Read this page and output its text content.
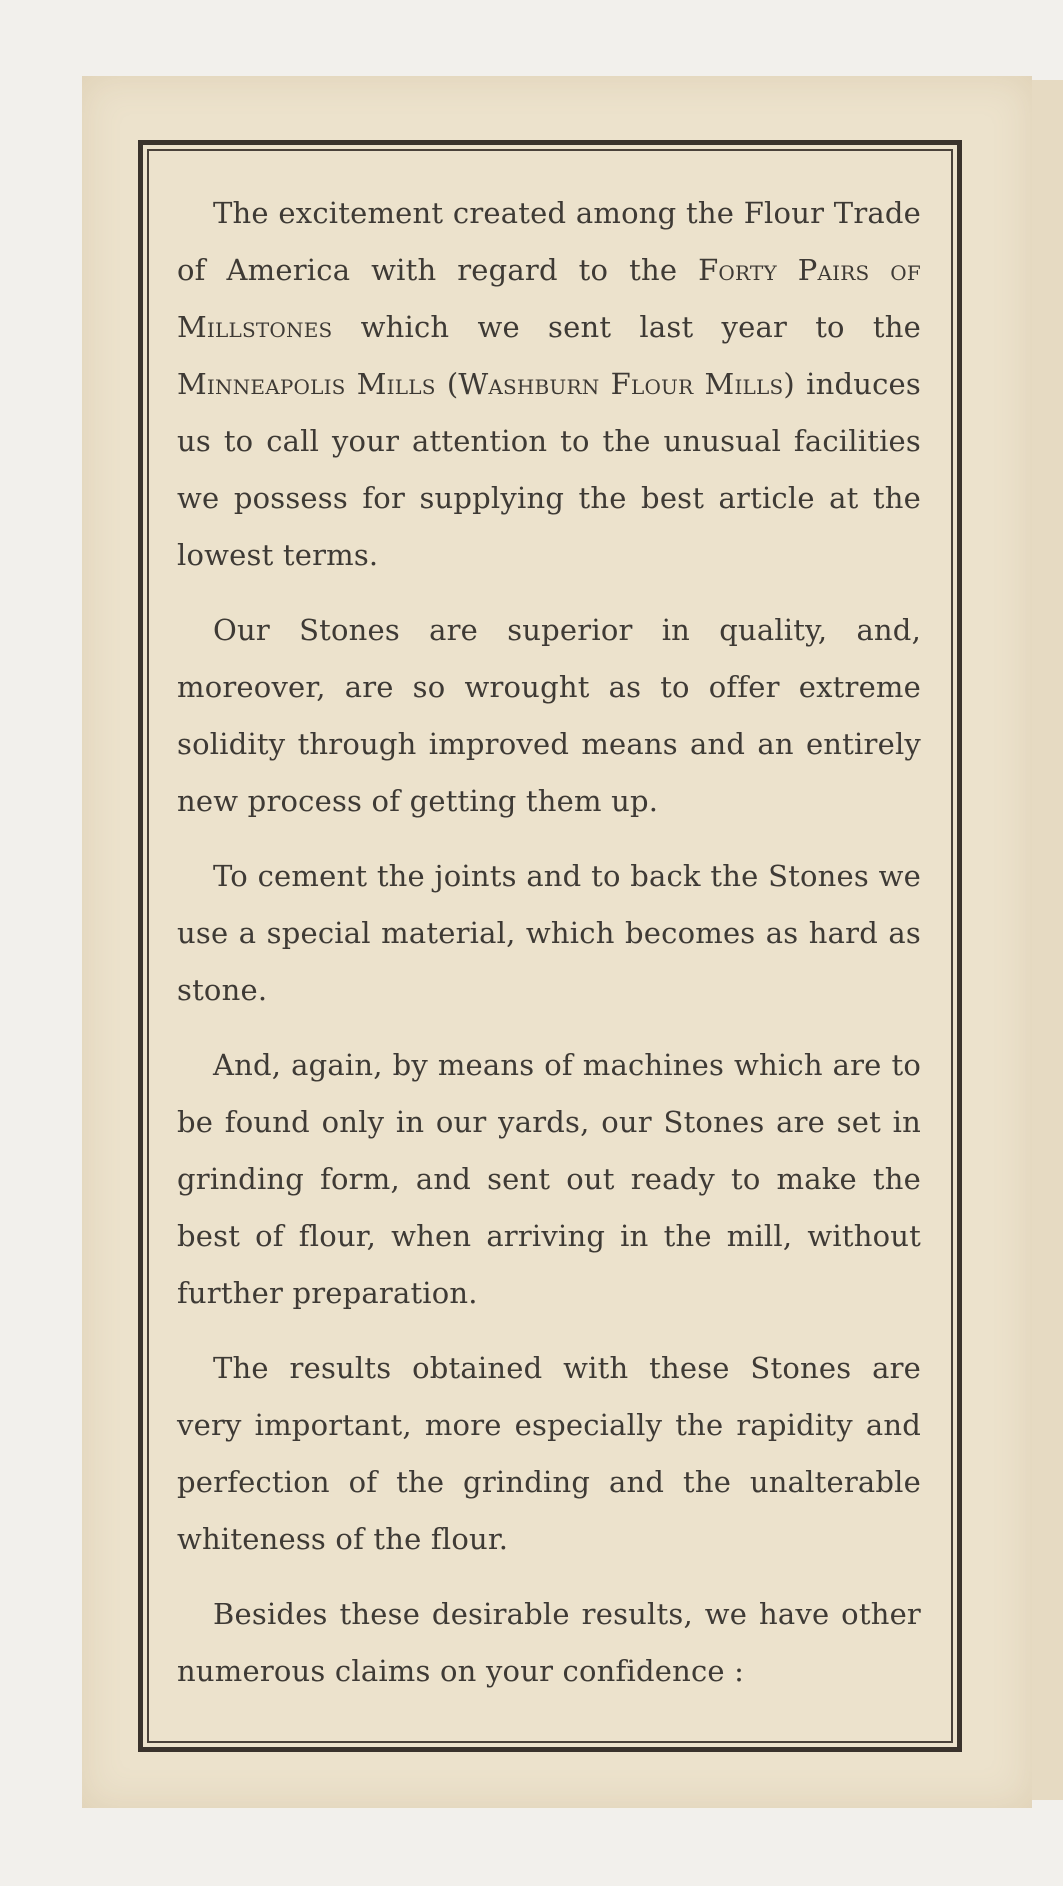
The excitement created among the Flour Trade of America with regard to the Forty Pairs of Millstones which we sent last year to the Minneapolis Mills (Washburn Flour Mills) induces us to call your attention to the unusual facilities we possess for supplying the best article at the lowest terms.

Our Stones are superior in quality, and, moreover, are so wrought as to offer extreme solidity through improved means and an entirely new process of getting them up.

To cement the joints and to back the Stones we use a special material, which becomes as hard as stone.

And, again, by means of machines which are to be found only in our yards, our Stones are set in grinding form, and sent out ready to make the best of flour, when arriving in the mill, without further preparation.

The results obtained with these Stones are very important, more especially the rapidity and perfection of the grinding and the unalterable whiteness of the flour.

Besides these desirable results, we have other numerous claims on your confidence :
